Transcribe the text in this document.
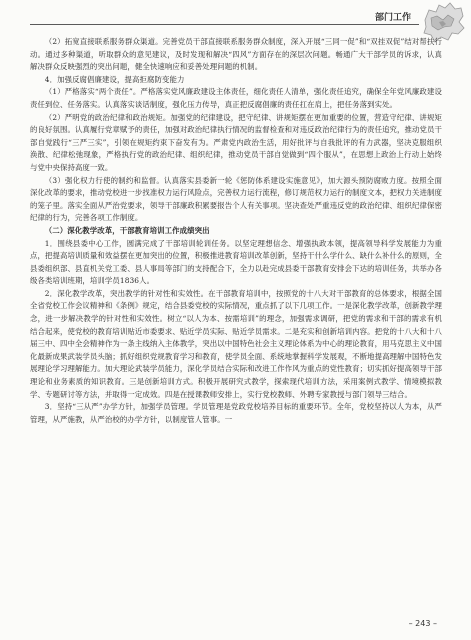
部门工作

（2）拓宽直接联系服务群众渠道。完善党员干部直接联系服务群众制度，深入开展“三同一促”和“双挂双促”结对帮扶行动。通过多种渠道，听取群众的意见建议，及时发现和解决“四风”方面存在的深层次问题。畅通广大干部学员的诉求，认真解决群众反映强烈的突出问题，健全快速响应和妥善处理问题的机制。

4．加强反腐倡廉建设，提高拒腐防变能力

（1）严格落实“两个责任”。严格落实党风廉政建设主体责任，细化责任人清单，强化责任追究，确保全年党风廉政建设责任到位、任务落实。认真落实谈话制度，强化压力传导，真正把反腐倡廉的责任扛在肩上，把任务落到实处。

（2）严明党的政治纪律和政治规矩。加强党的纪律建设，把守纪律、讲规矩摆在更加重要的位置，营造守纪律、讲规矩的良好氛围。认真履行党章赋予的责任，加强对政治纪律执行情况的监督检查和对违反政治纪律行为的责任追究，推动党员干部自觉践行“三严三实”，引领在规矩约束下奋发有为。严肃党内政治生活，用好批评与自我批评的有力武器，坚决克服组织涣散、纪律松弛现象，严格执行党的政治纪律、组织纪律，推动党员干部自觉做到“四个服从”，在思想上政治上行动上始终与党中央保持高度一致。

（3）强化权力行使的制约和监督。认真落实县委新一轮《惩防体系建设实施意见》，加大源头预防腐败力度。按照全面深化改革的要求，推动党校进一步找准权力运行风险点，完善权力运行流程，修订规范权力运行的制度文本，把权力关进制度的笼子里。落实全面从严治党要求，领导干部廉政积累要报告个人有关事项。坚决查处严重违反党的政治纪律、组织纪律保密纪律的行为，完善各项工作制度。

（二）深化教学改革，干部教育培训工作成绩突出

1．围绕县委中心工作，圆满完成了干部培训轮训任务。以坚定理想信念、增强执政本领，提高领导科学发展能力为重点，把提高培训质量和效益摆在更加突出的位置，积极推进教育培训改革创新，坚持干什么学什么、缺什么补什么的原则，全县委组织部、县直机关党工委、县人事局等部门的支持配合下，全力以赴完成县委干部教育安排会下达的培训任务，共举办各级各类培训班期，培训学员1836人。

2．深化教学改革，突出教学的针对性和实效性。在干部教育培训中，按照党的十八大对干部教育的总体要求，根据全国全省党校工作会议精神和《条例》规定，结合县委党校的实际情况，重点抓了以下几项工作。一是深化教学改革，创新教学理念，进一步解决教学的针对性和实效性。树立“以人为本、按需培训”的理念，加强需求调研，把党的需求和干部的需求有机结合起来，使党校的教育培训贴近市委要求、贴近学员实际、贴近学员需求。二是充实和创新培训内容。把党的十八大和十八届三中、四中全会精神作为一条主线纳入主体教学，突出以中国特色社会主义理论体系为中心的理论教育，用马克思主义中国化最新成果武装学员头脑；抓好组织党规教育学习和教育，使学员全面、系统地掌握科学发展观，不断地提高理解中国特色发展理论学习理解能力。加大理论武装学员能力，深化学员结合实际和改进工作作风为重点的党性教育；切实抓好提高领导干部理论和业务素质的知识教育。三是创新培训方式。积极开展研究式教学，探索现代培训方法，采用案例式教学、情境模拟教学、专题研讨等方法，并取得一定成效。四是在授课教师安排上，实行党校教师、外聘专家教授与部门领导三结合。

3．坚持“三从严”办学方针，加强学员管理。学员管理是党政党校培养目标的重要环节。全年，党校坚持以人为本，从严管理，从严施教，从严治校的办学方针，以制度管人管事。一

– 243 –
